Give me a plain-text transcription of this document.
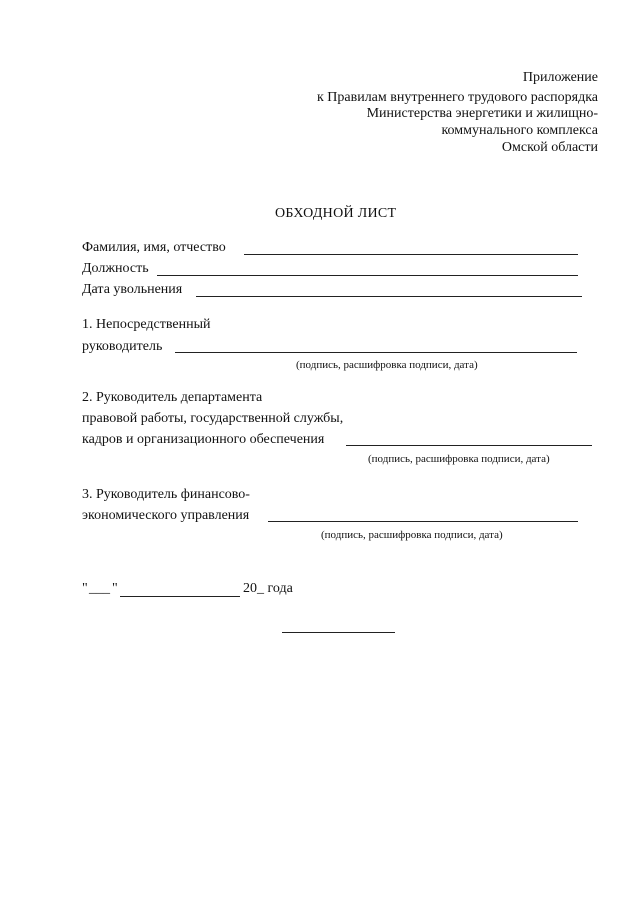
Приложение
к Правилам внутреннего трудового распорядка
Министерства энергетики и жилищно-
коммунального комплекса
Омской области
ОБХОДНОЙ ЛИСТ
Фамилия, имя, отчество
Должность
Дата увольнения
1. Непосредственный
руководитель
(подпись, расшифровка подписи, дата)
2. Руководитель департамента
правовой работы, государственной службы,
кадров и организационного обеспечения
(подпись, расшифровка подписи, дата)
3. Руководитель финансово-
экономического управления
(подпись, расшифровка подписи, дата)
" ___ "	20_ года
